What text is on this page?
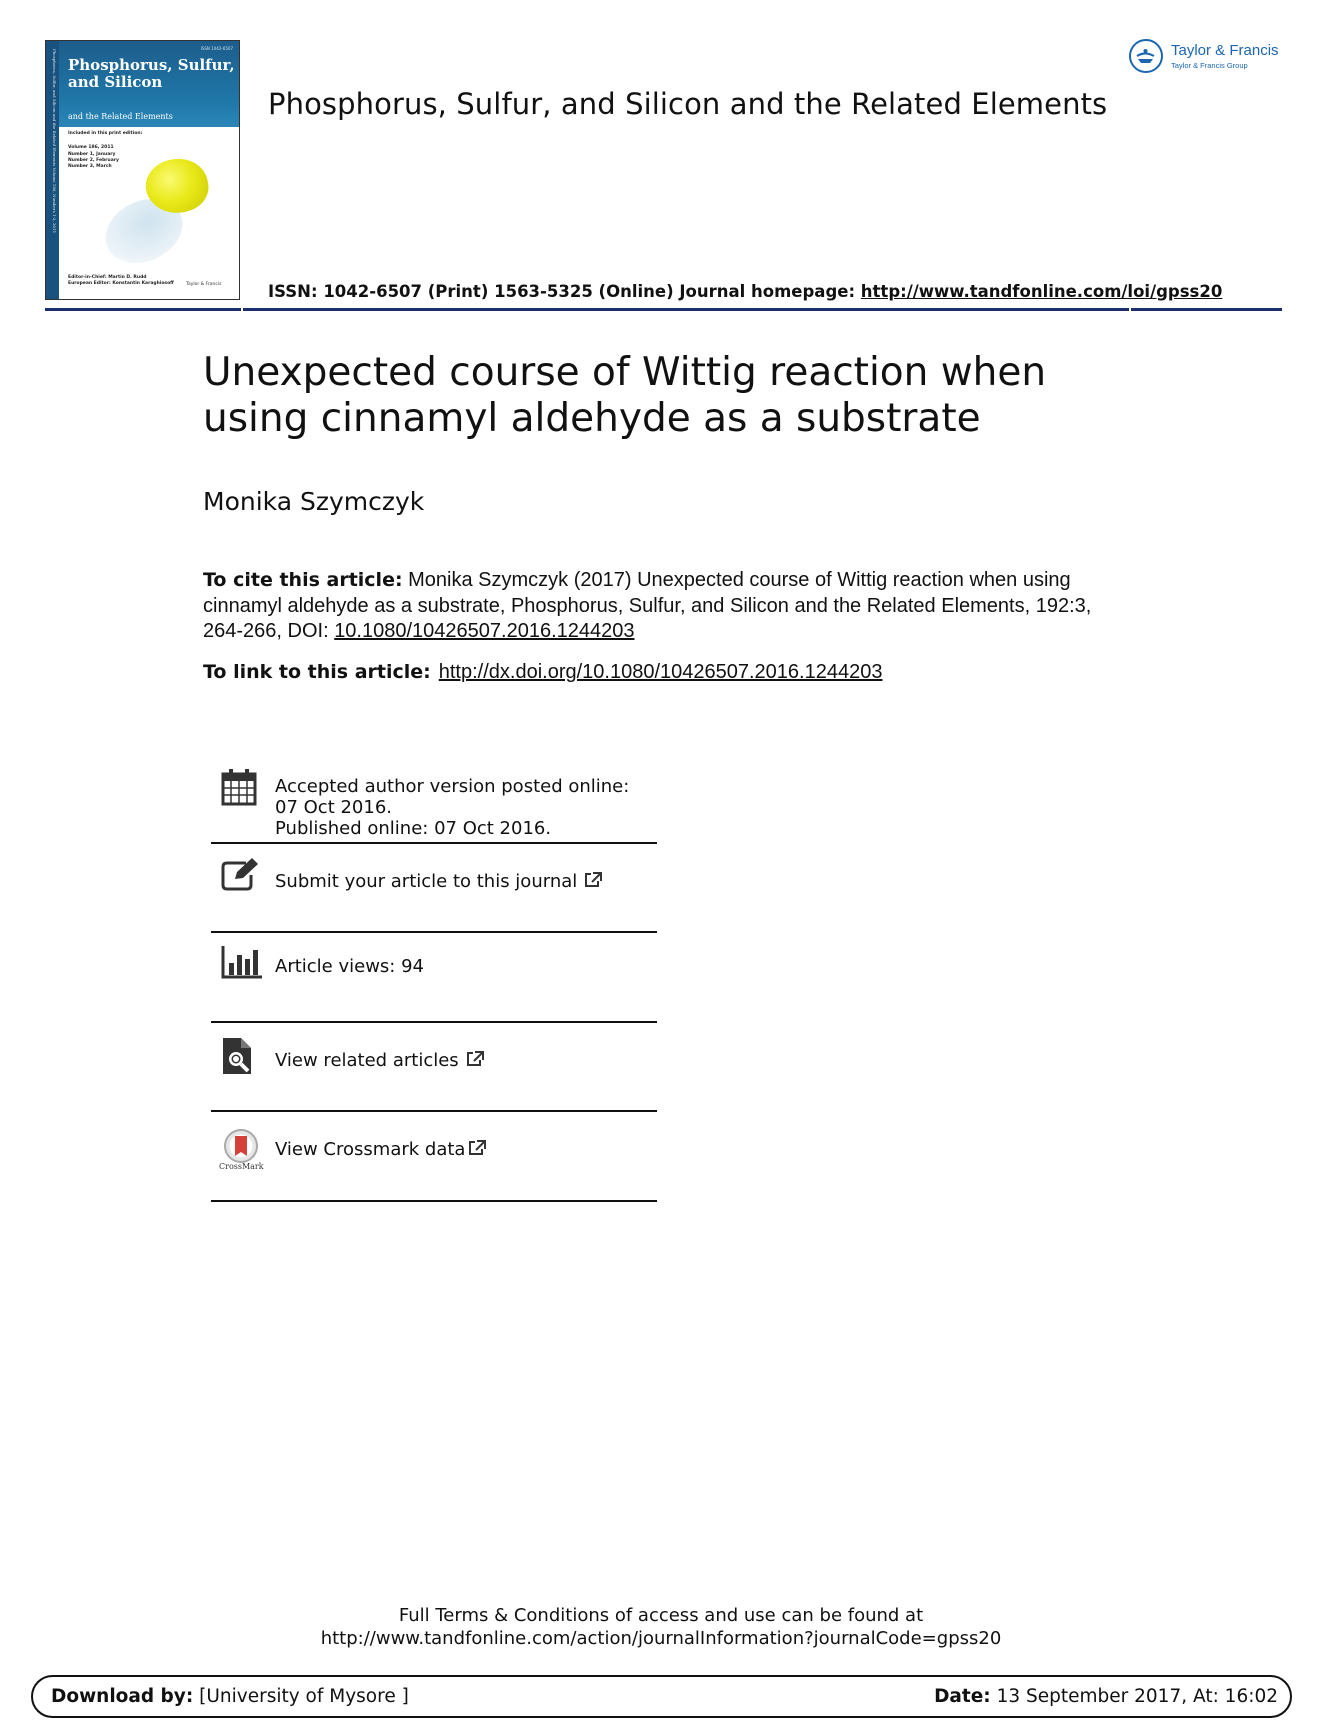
Phosphorus, Sulfur, and Silicon and the Related Elements Volume 186, Numbers 1-3, 2011
ISSN 1042-6507
Phosphorus, Sulfur, and Silicon
and the Related Elements
Included in this print edition:
Volume 186, 2011
Number 1, January
Number 2, February
Number 3, March
Editor-in-Chief: Martin D. Rudd
European Editor: Konstantin Karaghiosoff	Taylor & Francis
Taylor & Francis
Taylor & Francis Group
Phosphorus, Sulfur, and Silicon and the Related Elements
ISSN: 1042-6507 (Print) 1563-5325 (Online) Journal homepage: http://www.tandfonline.com/loi/gpss20
Unexpected course of Wittig reaction when using cinnamyl aldehyde as a substrate
Monika Szymczyk
To cite this article: Monika Szymczyk (2017) Unexpected course of Wittig reaction when using cinnamyl aldehyde as a substrate, Phosphorus, Sulfur, and Silicon and the Related Elements, 192:3, 264-266, DOI: 10.1080/10426507.2016.1244203
To link to this article: http://dx.doi.org/10.1080/10426507.2016.1244203
Accepted author version posted online: 07 Oct 2016.
Published online: 07 Oct 2016.
Submit your article to this journal
Article views: 94
View related articles
CrossMark
View Crossmark data
Full Terms & Conditions of access and use can be found at
http://www.tandfonline.com/action/journalInformation?journalCode=gpss20
Download by: [University of Mysore ]	Date: 13 September 2017, At: 16:02
